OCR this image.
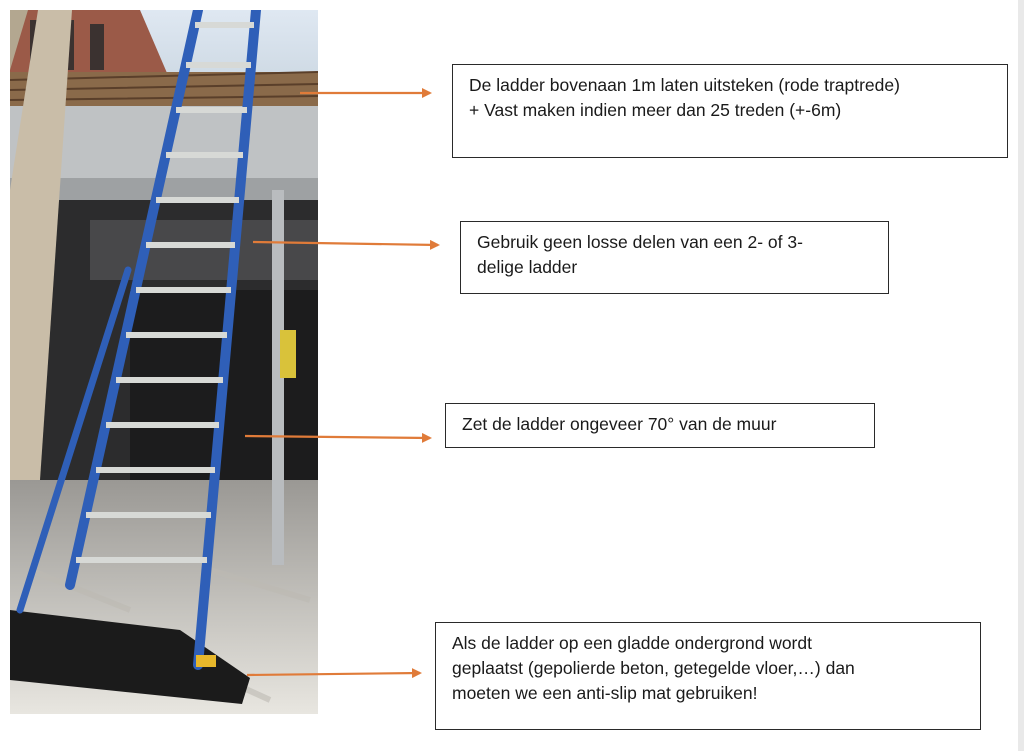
De ladder bovenaan 1m laten uitsteken (rode traptrede)
+ Vast maken indien meer dan 25 treden (+-6m)
Gebruik geen losse delen van een 2- of 3-
delige ladder
Zet de ladder ongeveer 70° van de muur
Als de ladder op een gladde ondergrond wordt
geplaatst (gepolierde beton, getegelde vloer,…) dan
moeten we een anti-slip mat gebruiken!
